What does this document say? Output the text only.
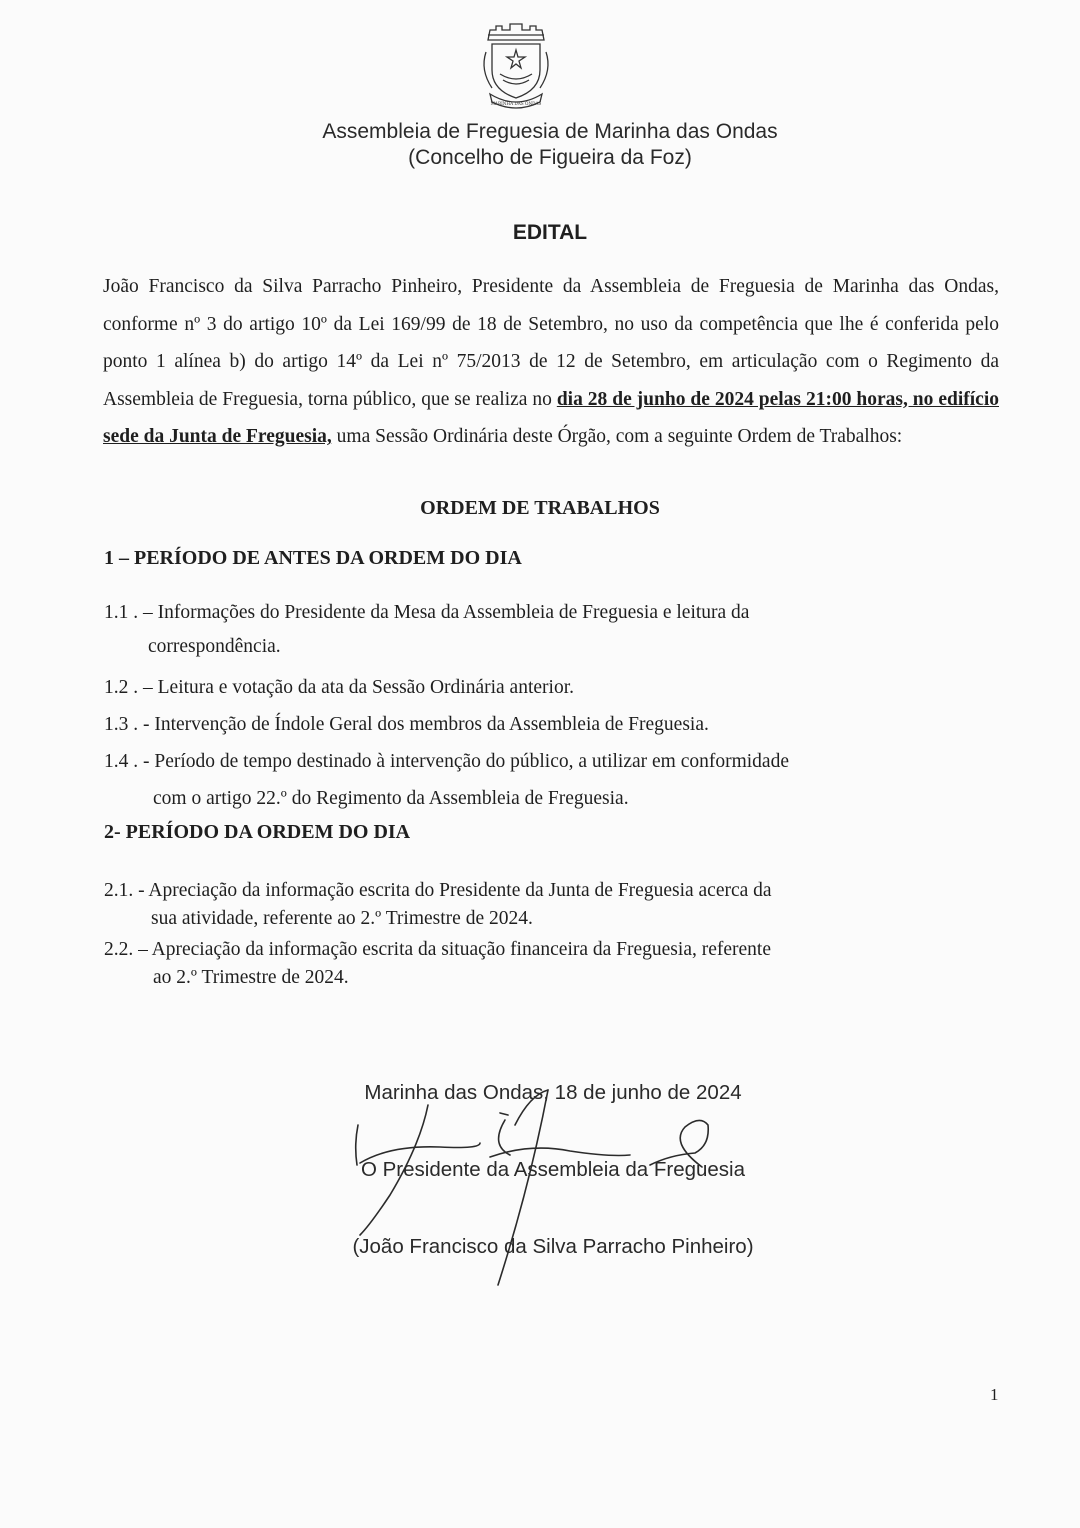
MARINHA DAS ONDAS
Assembleia de Freguesia de Marinha das Ondas
(Concelho de Figueira da Foz)
EDITAL
João Francisco da Silva Parracho Pinheiro, Presidente da Assembleia de Freguesia de Marinha das Ondas, conforme nº 3 do artigo 10º da Lei 169/99 de 18 de Setembro, no uso da competência que lhe é conferida pelo ponto 1 alínea b) do artigo 14º da Lei nº 75/2013 de 12 de Setembro, em articulação com o Regimento da Assembleia de Freguesia, torna público, que se realiza no dia 28 de junho de 2024 pelas 21:00 horas, no edifício sede da Junta de Freguesia, uma Sessão Ordinária deste Órgão, com a seguinte Ordem de Trabalhos:
ORDEM DE TRABALHOS
1 – PERÍODO DE ANTES DA ORDEM DO DIA
1.1 . – Informações do Presidente da Mesa da Assembleia de Freguesia e leitura da
correspondência.
1.2 . – Leitura e votação da ata da Sessão Ordinária anterior.
1.3 . - Intervenção de Índole Geral dos membros da Assembleia de Freguesia.
1.4 . - Período de tempo destinado à intervenção do público, a utilizar em conformidade
com o artigo 22.º do Regimento da Assembleia de Freguesia.
2- PERÍODO DA ORDEM DO DIA
2.1. - Apreciação da informação escrita do Presidente da Junta de Freguesia acerca da
sua atividade, referente ao 2.º Trimestre de 2024.
2.2. – Apreciação da informação escrita da situação financeira da Freguesia, referente
ao 2.º Trimestre de 2024.
Marinha das Ondas, 18 de junho de 2024
O Presidente da Assembleia da Freguesia
(João Francisco da Silva Parracho Pinheiro)
1
